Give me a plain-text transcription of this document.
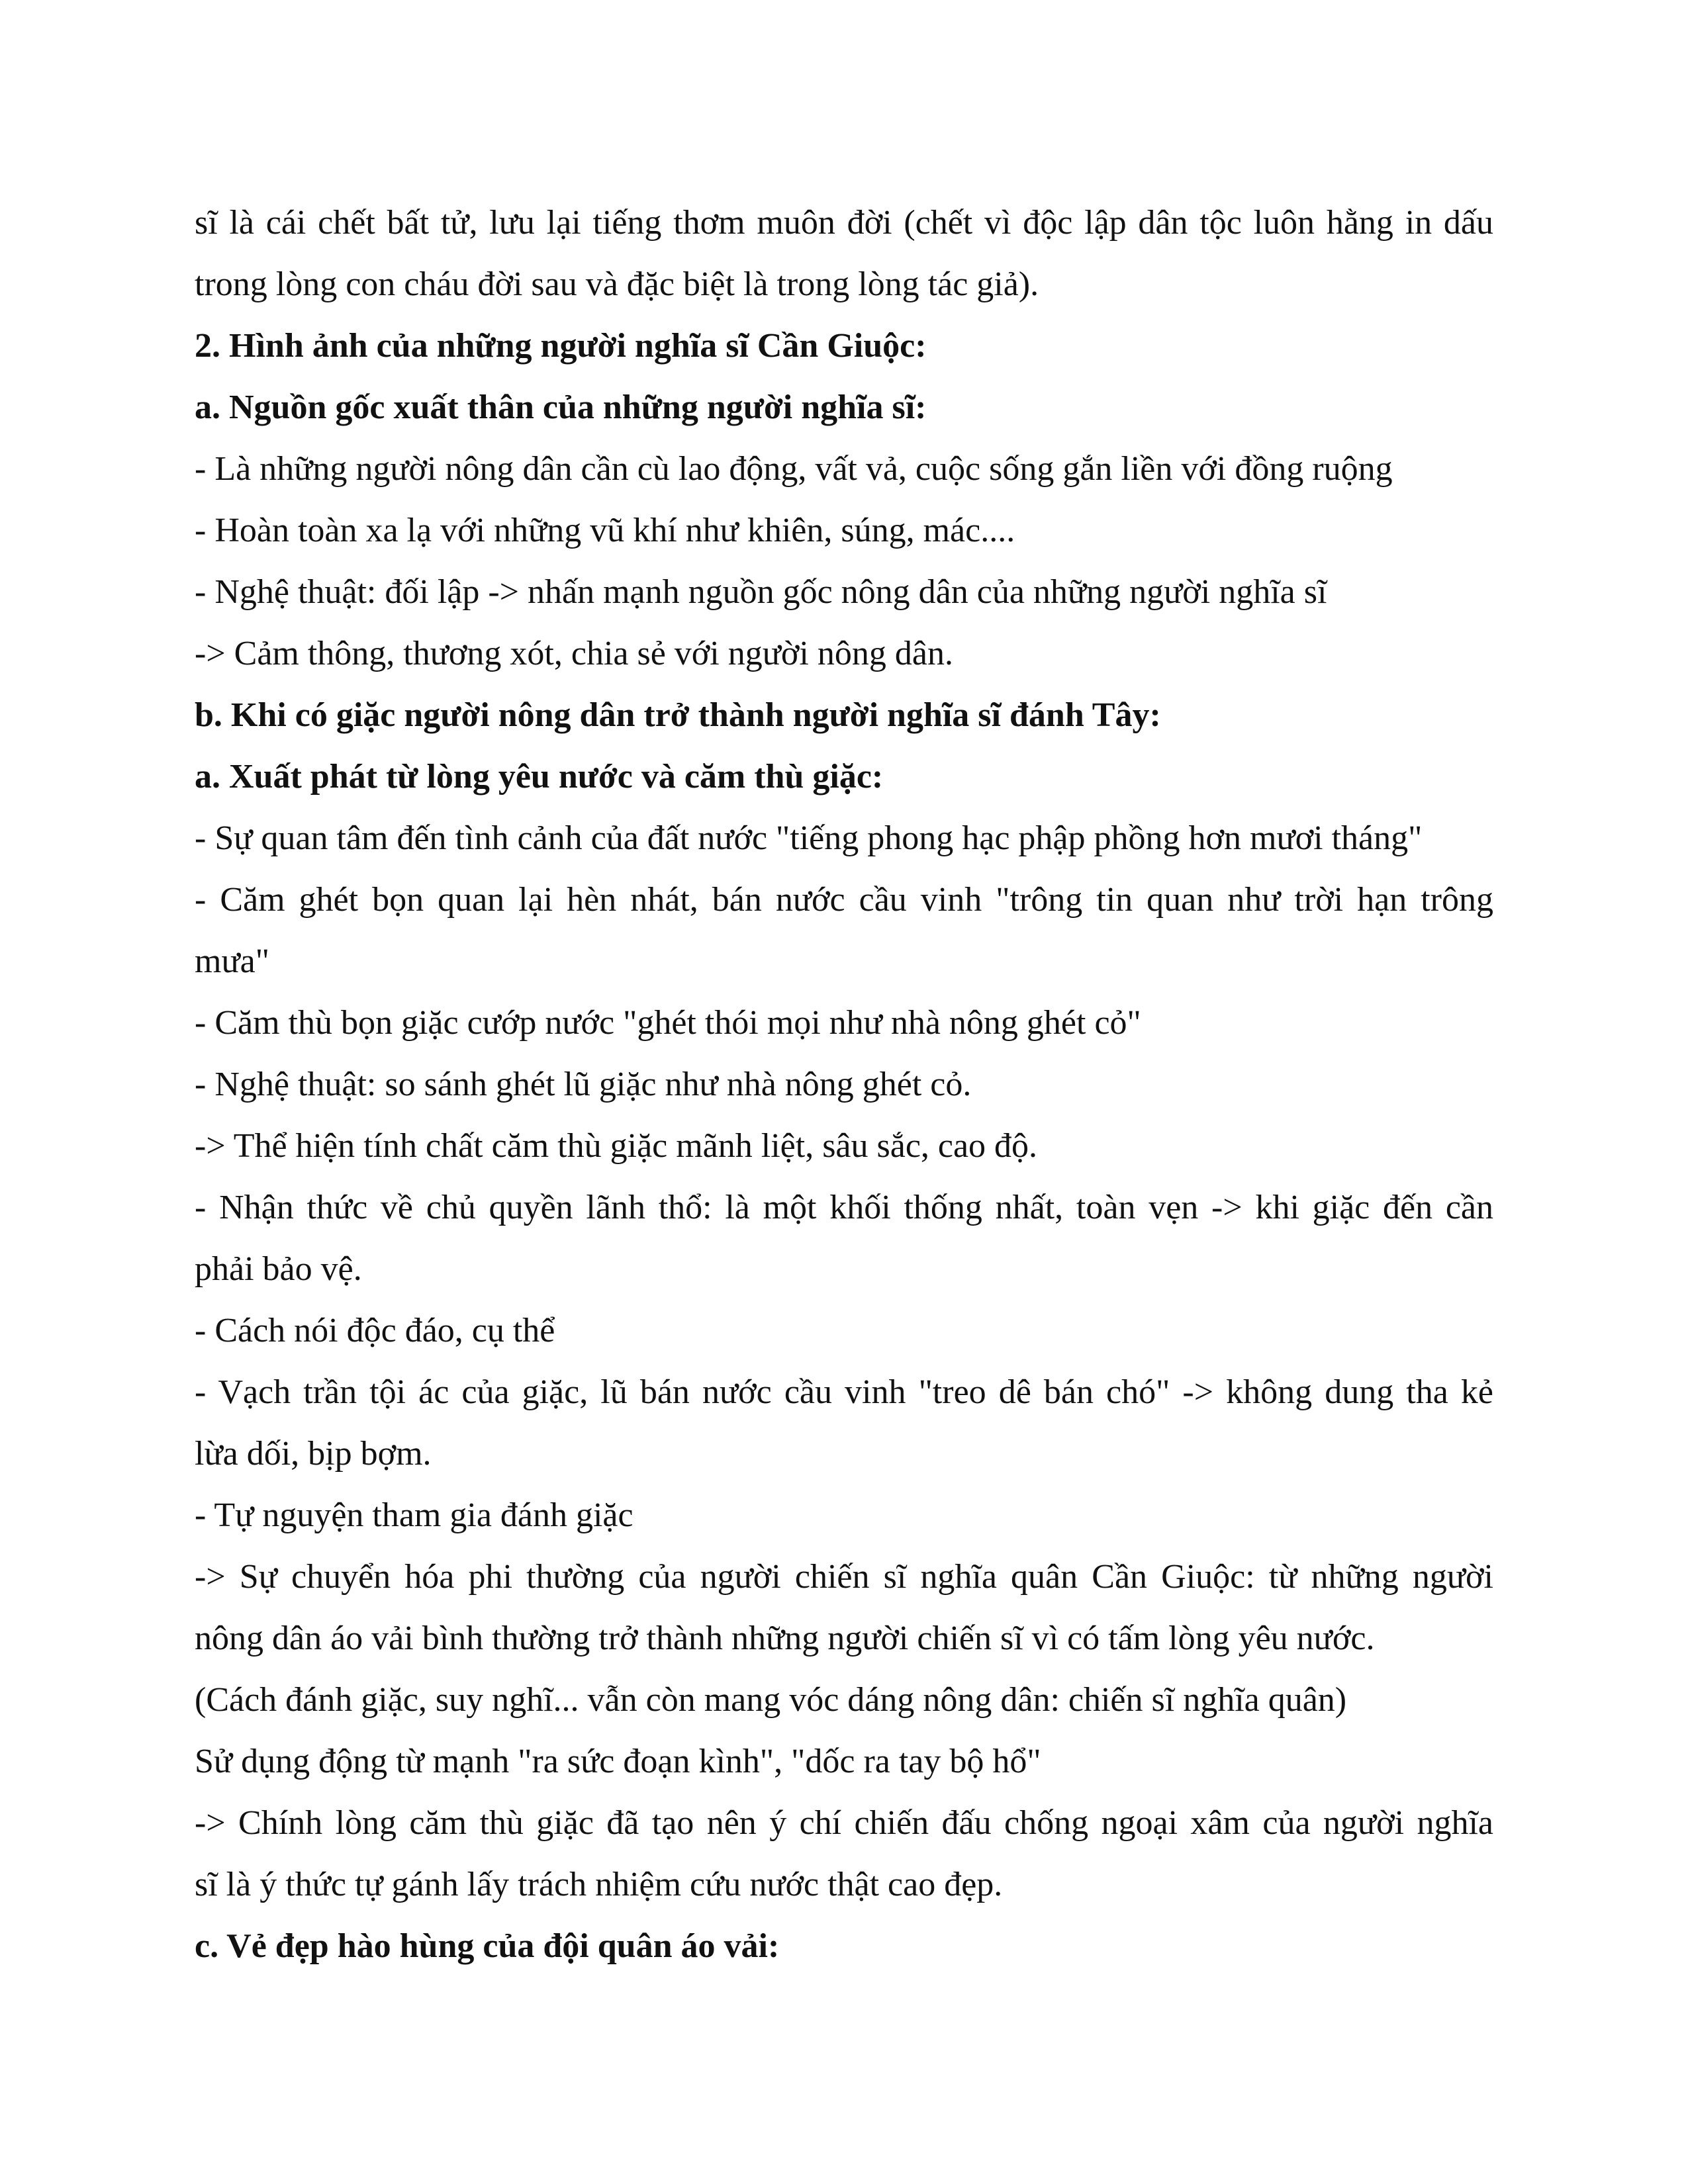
sĩ là cái chết bất tử, lưu lại tiếng thơm muôn đời (chết vì độc lập dân tộc luôn hằng in dấu
trong lòng con cháu đời sau và đặc biệt là trong lòng tác giả).
2. Hình ảnh của những người nghĩa sĩ Cần Giuộc:
a. Nguồn gốc xuất thân của những người nghĩa sĩ:
- Là những người nông dân cần cù lao động, vất vả, cuộc sống gắn liền với đồng ruộng
- Hoàn toàn xa lạ với những vũ khí như khiên, súng, mác....
- Nghệ thuật: đối lập -> nhấn mạnh nguồn gốc nông dân của những người nghĩa sĩ
-> Cảm thông, thương xót, chia sẻ với người nông dân.
b. Khi có giặc người nông dân trở thành người nghĩa sĩ đánh Tây:
a. Xuất phát từ lòng yêu nước và căm thù giặc:
- Sự quan tâm đến tình cảnh của đất nước "tiếng phong hạc phập phồng hơn mươi tháng"
- Căm ghét bọn quan lại hèn nhát, bán nước cầu vinh "trông tin quan như trời hạn trông
mưa"
- Căm thù bọn giặc cướp nước "ghét thói mọi như nhà nông ghét cỏ"
- Nghệ thuật: so sánh ghét lũ giặc như nhà nông ghét cỏ.
-> Thể hiện tính chất căm thù giặc mãnh liệt, sâu sắc, cao độ.
- Nhận thức về chủ quyền lãnh thổ: là một khối thống nhất, toàn vẹn -> khi giặc đến cần
phải bảo vệ.
- Cách nói độc đáo, cụ thể
- Vạch trần tội ác của giặc, lũ bán nước cầu vinh "treo dê bán chó" -> không dung tha kẻ
lừa dối, bịp bợm.
- Tự nguyện tham gia đánh giặc
-> Sự chuyển hóa phi thường của người chiến sĩ nghĩa quân Cần Giuộc: từ những người
nông dân áo vải bình thường trở thành những người chiến sĩ vì có tấm lòng yêu nước.
(Cách đánh giặc, suy nghĩ... vẫn còn mang vóc dáng nông dân: chiến sĩ nghĩa quân)
Sử dụng động từ mạnh "ra sức đoạn kình", "dốc ra tay bộ hổ"
-> Chính lòng căm thù giặc đã tạo nên ý chí chiến đấu chống ngoại xâm của người nghĩa
sĩ là ý thức tự gánh lấy trách nhiệm cứu nước thật cao đẹp.
c. Vẻ đẹp hào hùng của đội quân áo vải:
